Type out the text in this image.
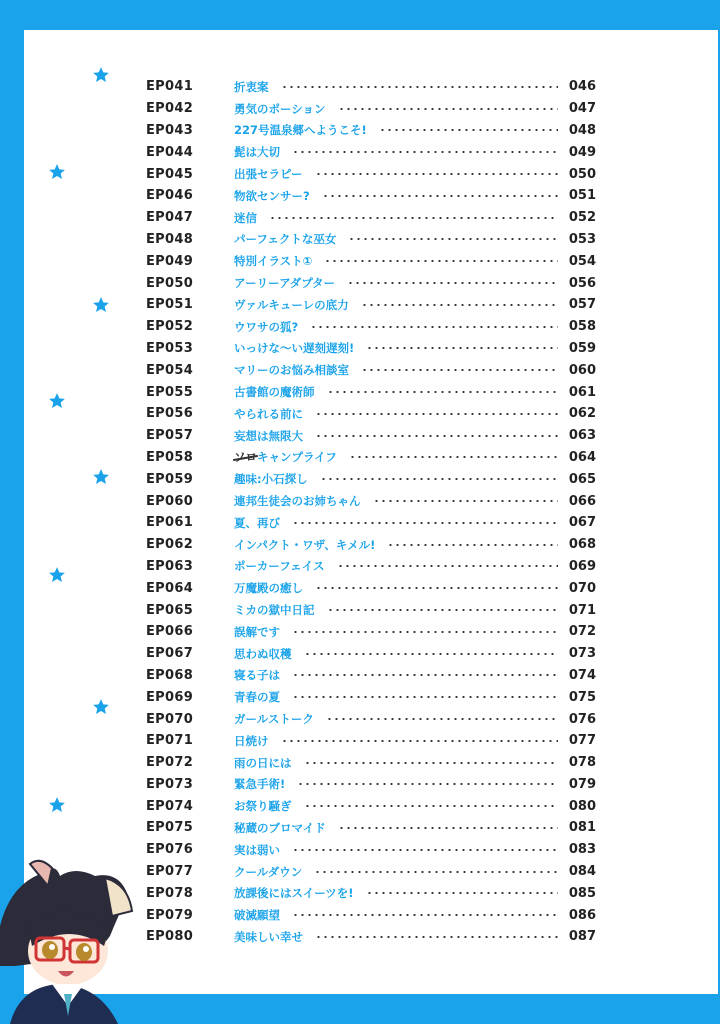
EP041	折衷案	046
EP042	勇気のポーション	047
EP043	227号温泉郷へようこそ!	048
EP044	髭は大切	049
EP045	出張セラピー	050
EP046	物欲センサー?	051
EP047	迷信	052
EP048	パーフェクトな巫女	053
EP049	特別イラスト①	054
EP050	アーリーアダプター	056
EP051	ヴァルキューレの底力	057
EP052	ウワサの狐?	058
EP053	いっけな〜い遅刻遅刻!	059
EP054	マリーのお悩み相談室	060
EP055	古書館の魔術師	061
EP056	やられる前に	062
EP057	妄想は無限大	063
EP058	ソロキャンプライフ	064
EP059	趣味:小石探し	065
EP060	連邦生徒会のお姉ちゃん	066
EP061	夏、再び	067
EP062	インパクト・ワザ、キメル!	068
EP063	ポーカーフェイス	069
EP064	万魔殿の癒し	070
EP065	ミカの獄中日記	071
EP066	誤解です	072
EP067	思わぬ収穫	073
EP068	寝る子は	074
EP069	青春の夏	075
EP070	ガールストーク	076
EP071	日焼け	077
EP072	雨の日には	078
EP073	緊急手術!	079
EP074	お祭り騒ぎ	080
EP075	秘蔵のブロマイド	081
EP076	実は弱い	083
EP077	クールダウン	084
EP078	放課後にはスイーツを!	085
EP079	破滅願望	086
EP080	美味しい幸せ	087
